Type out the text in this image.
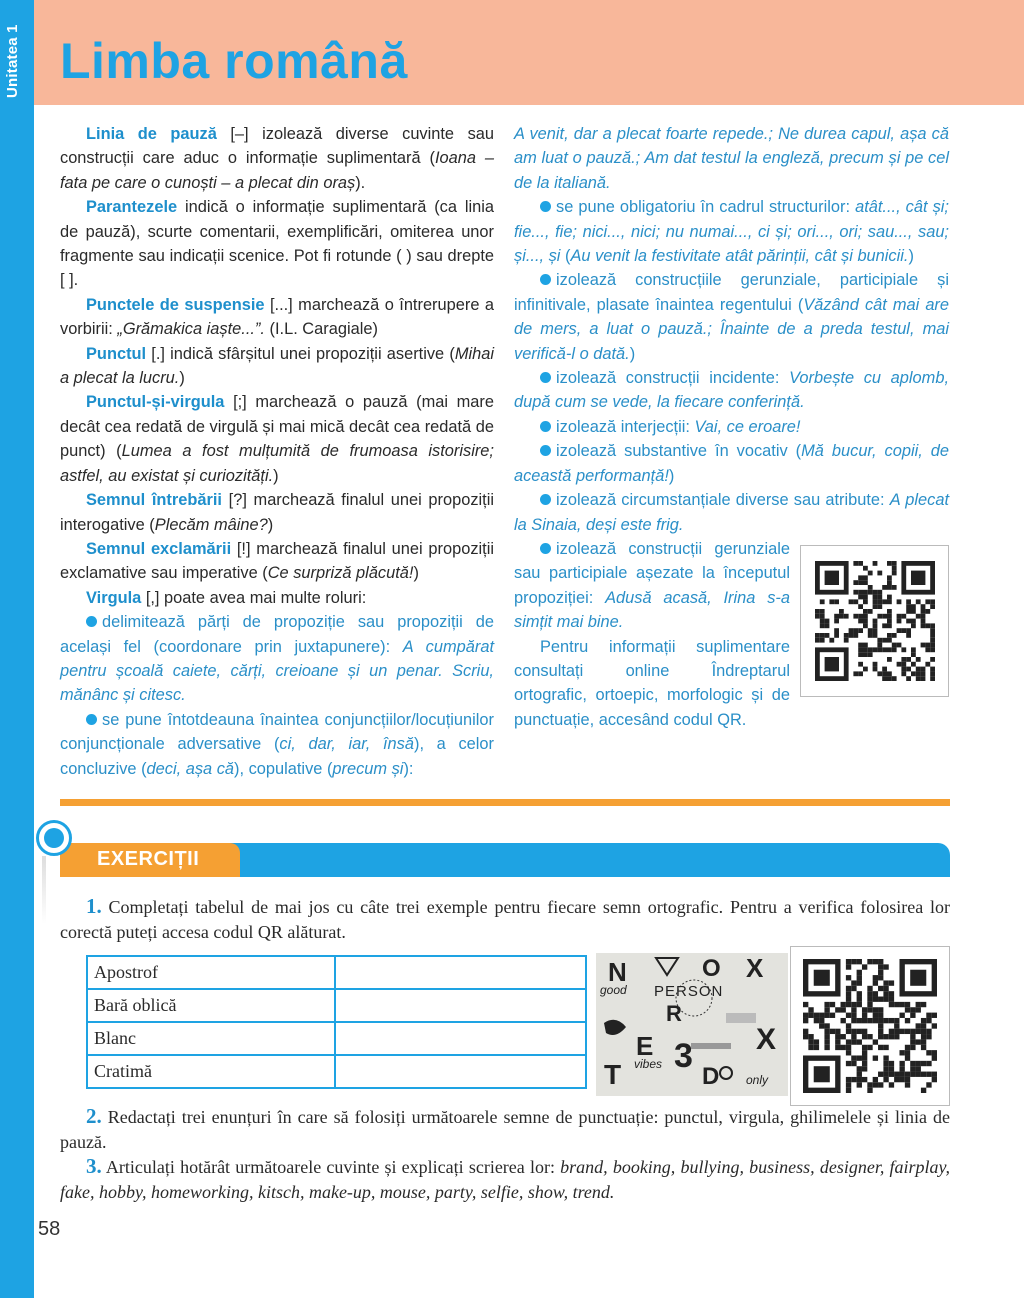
Unitatea 1 Limba română

Linia de pauză [–] izolează diverse cuvinte sau construcții care aduc o informație suplimentară (Ioana – fata pe care o cunoști – a plecat din oraș).

Parantezele indică o informație suplimentară (ca linia de pauză), scurte comentarii, exemplificări, omiterea unor fragmente sau indicații scenice. Pot fi rotunde ( ) sau drepte [ ].

Punctele de suspensie [...] marchează o întrerupere a vorbirii: „Grămakica iaște...”. (I.L. Caragiale)

Punctul [.] indică sfârșitul unei propoziții asertive (Mihai a plecat la lucru.)

Punctul-și-virgula [;] marchează o pauză (mai mare decât cea redată de virgulă și mai mică decât cea redată de punct) (Lumea a fost mulțumită de frumoasa istorisire; astfel, au existat și curiozități.)

Semnul întrebării [?] marchează finalul unei propoziții interogative (Plecăm mâine?)

Semnul exclamării [!] marchează finalul unei propoziții exclamative sau imperative (Ce surpriză plăcută!)

Virgula [,] poate avea mai multe roluri:

delimitează părți de propoziție sau propoziții de același fel (coordonare prin juxtapunere): A cumpărat pentru școală caiete, cărți, creioane și un penar. Scriu, mănânc și citesc.

se pune întotdeauna înaintea conjuncțiilor/locuțiunilor conjuncționale adversative (ci, dar, iar, însă), a celor concluzive (deci, așa că), copulative (precum și):

A venit, dar a plecat foarte repede.; Ne durea capul, așa că am luat o pauză.; Am dat testul la engleză, precum și pe cel de la italiană.

se pune obligatoriu în cadrul structurilor: atât..., cât și; fie..., fie; nici..., nici; nu numai..., ci și; ori..., ori; sau..., sau; și..., și (Au venit la festivitate atât părinții, cât și bunicii.)

izolează construcțiile gerunziale, participiale și infinitivale, plasate înaintea regentului (Văzând cât mai are de mers, a luat o pauză.; Înainte de a preda testul, mai verifică-l o dată.)

izolează construcții incidente: Vorbește cu aplomb, după cum se vede, la fiecare conferință.

izolează interjecții: Vai, ce eroare!

izolează substantive în vocativ (Mă bucur, copii, de această performanță!)

izolează circumstanțiale diverse sau atribute: A plecat la Sinaia, deși este frig.

izolează construcții gerunziale sau participiale așezate la începutul propoziției: Adusă acasă, Irina s-a simțit mai bine.

Pentru informații suplimentare consultați online Îndreptarul ortografic, ortoepic, morfologic și de punctuație, accesând codul QR.

EXERCIȚII

1. Completați tabelul de mai jos cu câte trei exemple pentru fiecare semn ortografic. Pentru a verifica folosirea lor corectă puteți accesa codul QR alăturat.

Apostrof	
Bară oblică	
Blanc	
Cratimă	
N	O X
good PERSON
R
E 3
T	D
X
only
vibes

2. Redactați trei enunțuri în care să folosiți următoarele semne de punctuație: punctul, virgula, ghilimelele și linia de pauză.

3. Articulați hotărât următoarele cuvinte și explicați scrierea lor: brand, booking, bullying, business, designer, fairplay, fake, hobby, homeworking, kitsch, make-up, mouse, party, selfie, show, trend.

58
